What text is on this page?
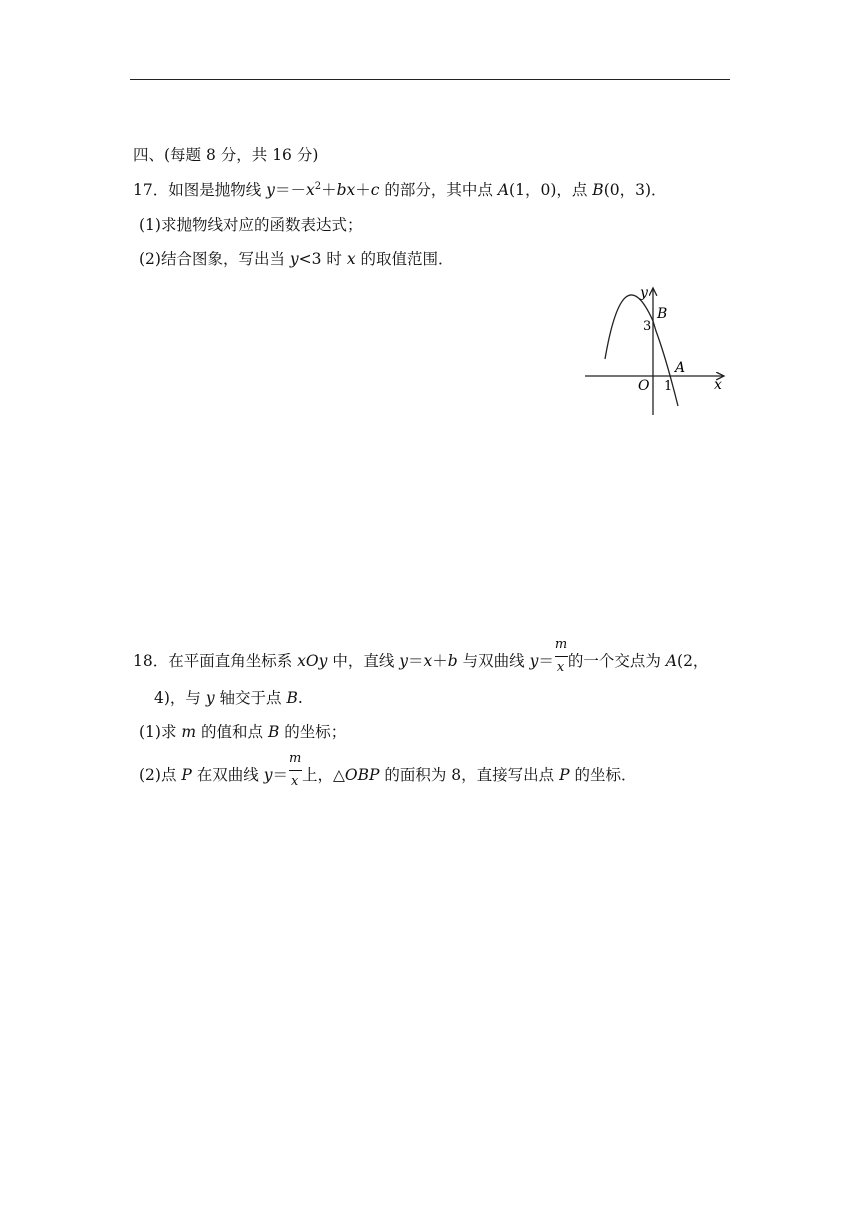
四、(每题 8 分，共 16 分)
17．如图是抛物线 $y=-x^2+bx+c$ 的部分，其中点 A(1，0)，点 B(0，3)．
(1)求抛物线对应的函数表达式；
(2)结合图象，写出当 y<3 时 x 的取值范围．
y
x
B
3
A
O 1
18．在平面直角坐标系 xOy 中，直线 y＝x＋b 与双曲线 $y= \frac{m}{x}$ 的一个交点为 A(2，
4)，与 y 轴交于点 B.
(1)求 m 的值和点 B 的坐标；
(2)点 P 在双曲线 $y= \frac{m}{x}$ 上，△OBP 的面积为 8，直接写出点 P 的坐标．
